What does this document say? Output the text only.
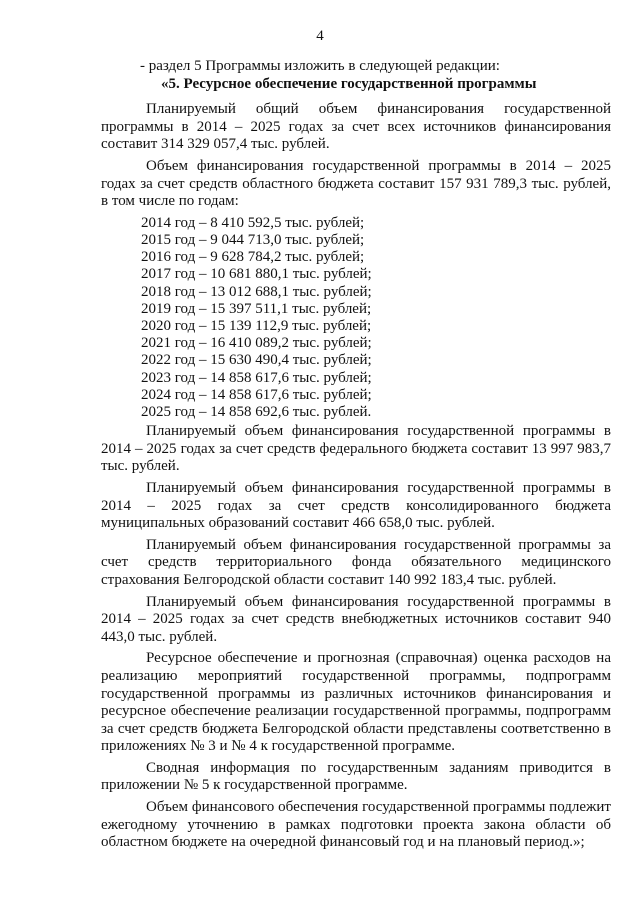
4

- раздел 5 Программы изложить в следующей редакции:

«5. Ресурсное обеспечение государственной программы

Планируемый общий объем финансирования государственной программы в 2014 – 2025 годах за счет всех источников финансирования составит 314 329 057,4 тыс. рублей.

Объем финансирования государственной программы в 2014 – 2025 годах за счет средств областного бюджета составит 157 931 789,3 тыс. рублей, в том числе по годам:

2014 год – 8 410 592,5 тыс. рублей;
2015 год – 9 044 713,0 тыс. рублей;
2016 год – 9 628 784,2 тыс. рублей;
2017 год – 10 681 880,1 тыс. рублей;
2018 год – 13 012 688,1 тыс. рублей;
2019 год – 15 397 511,1 тыс. рублей;
2020 год – 15 139 112,9 тыс. рублей;
2021 год – 16 410 089,2 тыс. рублей;
2022 год – 15 630 490,4 тыс. рублей;
2023 год – 14 858 617,6 тыс. рублей;
2024 год – 14 858 617,6 тыс. рублей;
2025 год – 14 858 692,6 тыс. рублей.

Планируемый объем финансирования государственной программы в 2014 – 2025 годах за счет средств федерального бюджета составит 13 997 983,7 тыс. рублей.

Планируемый объем финансирования государственной программы в 2014 – 2025 годах за счет средств консолидированного бюджета муниципальных образований составит 466 658,0 тыс. рублей.

Планируемый объем финансирования государственной программы за счет средств территориального фонда обязательного медицинского страхования Белгородской области составит 140 992 183,4 тыс. рублей.

Планируемый объем финансирования государственной программы в 2014 – 2025 годах за счет средств внебюджетных источников составит 940 443,0 тыс. рублей.

Ресурсное обеспечение и прогнозная (справочная) оценка расходов на реализацию мероприятий государственной программы, подпрограмм государственной программы из различных источников финансирования и ресурсное обеспечение реализации государственной программы, подпрограмм за счет средств бюджета Белгородской области представлены соответственно в приложениях № 3 и № 4 к государственной программе.

Сводная информация по государственным заданиям приводится в приложении № 5 к государственной программе.

Объем финансового обеспечения государственной программы подлежит ежегодному уточнению в рамках подготовки проекта закона области об областном бюджете на очередной финансовый год и на плановый период.»;
